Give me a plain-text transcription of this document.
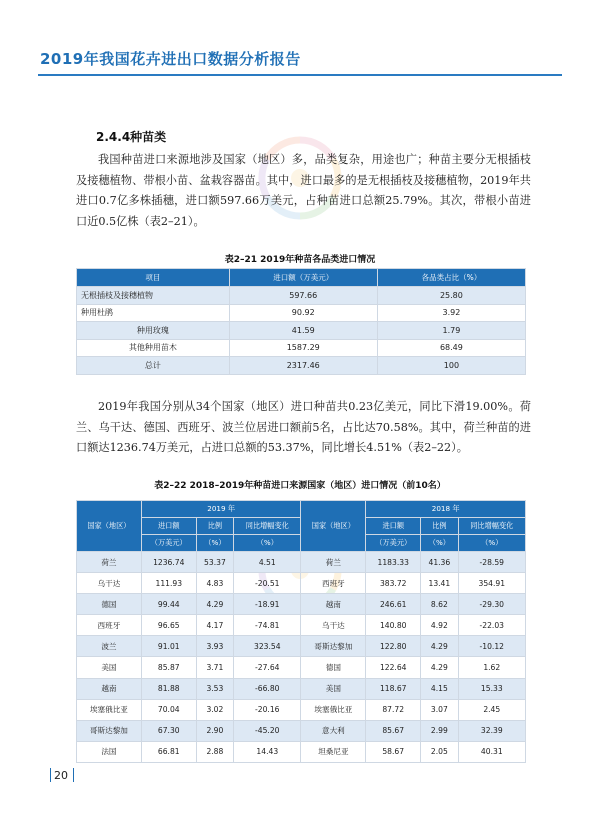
2019年我国花卉进出口数据分析报告
2.4.4种苗类
我国种苗进口来源地涉及国家（地区）多，品类复杂，用途也广；种苗主要分无根插枝及接穗植物、带根小苗、盆栽容器苗。其中，进口最多的是无根插枝及接穗植物，2019年共进口0.7亿多株插穗，进口额597.66万美元，占种苗进口总额25.79%。其次，带根小苗进口近0.5亿株（表2–21）。
表2–21 2019年种苗各品类进口情况
项目	进口额（万美元）	各品类占比（%）
无根插枝及接穗植物	597.66	25.80
种用杜鹃	90.92	3.92
种用玫瑰	41.59	1.79
其他种用苗木	1587.29	68.49
总计	2317.46	100
2019年我国分别从34个国家（地区）进口种苗共0.23亿美元，同比下滑19.00%。荷兰、乌干达、德国、西班牙、波兰位居进口额前5名，占比达70.58%。其中，荷兰种苗的进口额达1236.74万美元，占进口总额的53.37%，同比增长4.51%（表2–22）。
表2–22 2018–2019年种苗进口来源国家（地区）进口情况（前10名）
国家（地区）	2019 年			国家（地区）	2018 年		
	进口额	比例	同比增幅变化		进口额	比例	同比增幅变化
	（万美元）	（%）	（%）		（万美元）	（%）	（%）
荷兰	1236.74	53.37	4.51	荷兰	1183.33	41.36	-28.59
乌干达	111.93	4.83	-20.51	西班牙	383.72	13.41	354.91
德国	99.44	4.29	-18.91	越南	246.61	8.62	-29.30
西班牙	96.65	4.17	-74.81	乌干达	140.80	4.92	-22.03
波兰	91.01	3.93	323.54	哥斯达黎加	122.80	4.29	-10.12
美国	85.87	3.71	-27.64	德国	122.64	4.29	1.62
越南	81.88	3.53	-66.80	美国	118.67	4.15	15.33
埃塞俄比亚	70.04	3.02	-20.16	埃塞俄比亚	87.72	3.07	2.45
哥斯达黎加	67.30	2.90	-45.20	意大利	85.67	2.99	32.39
法国	66.81	2.88	14.43	坦桑尼亚	58.67	2.05	40.31
20
